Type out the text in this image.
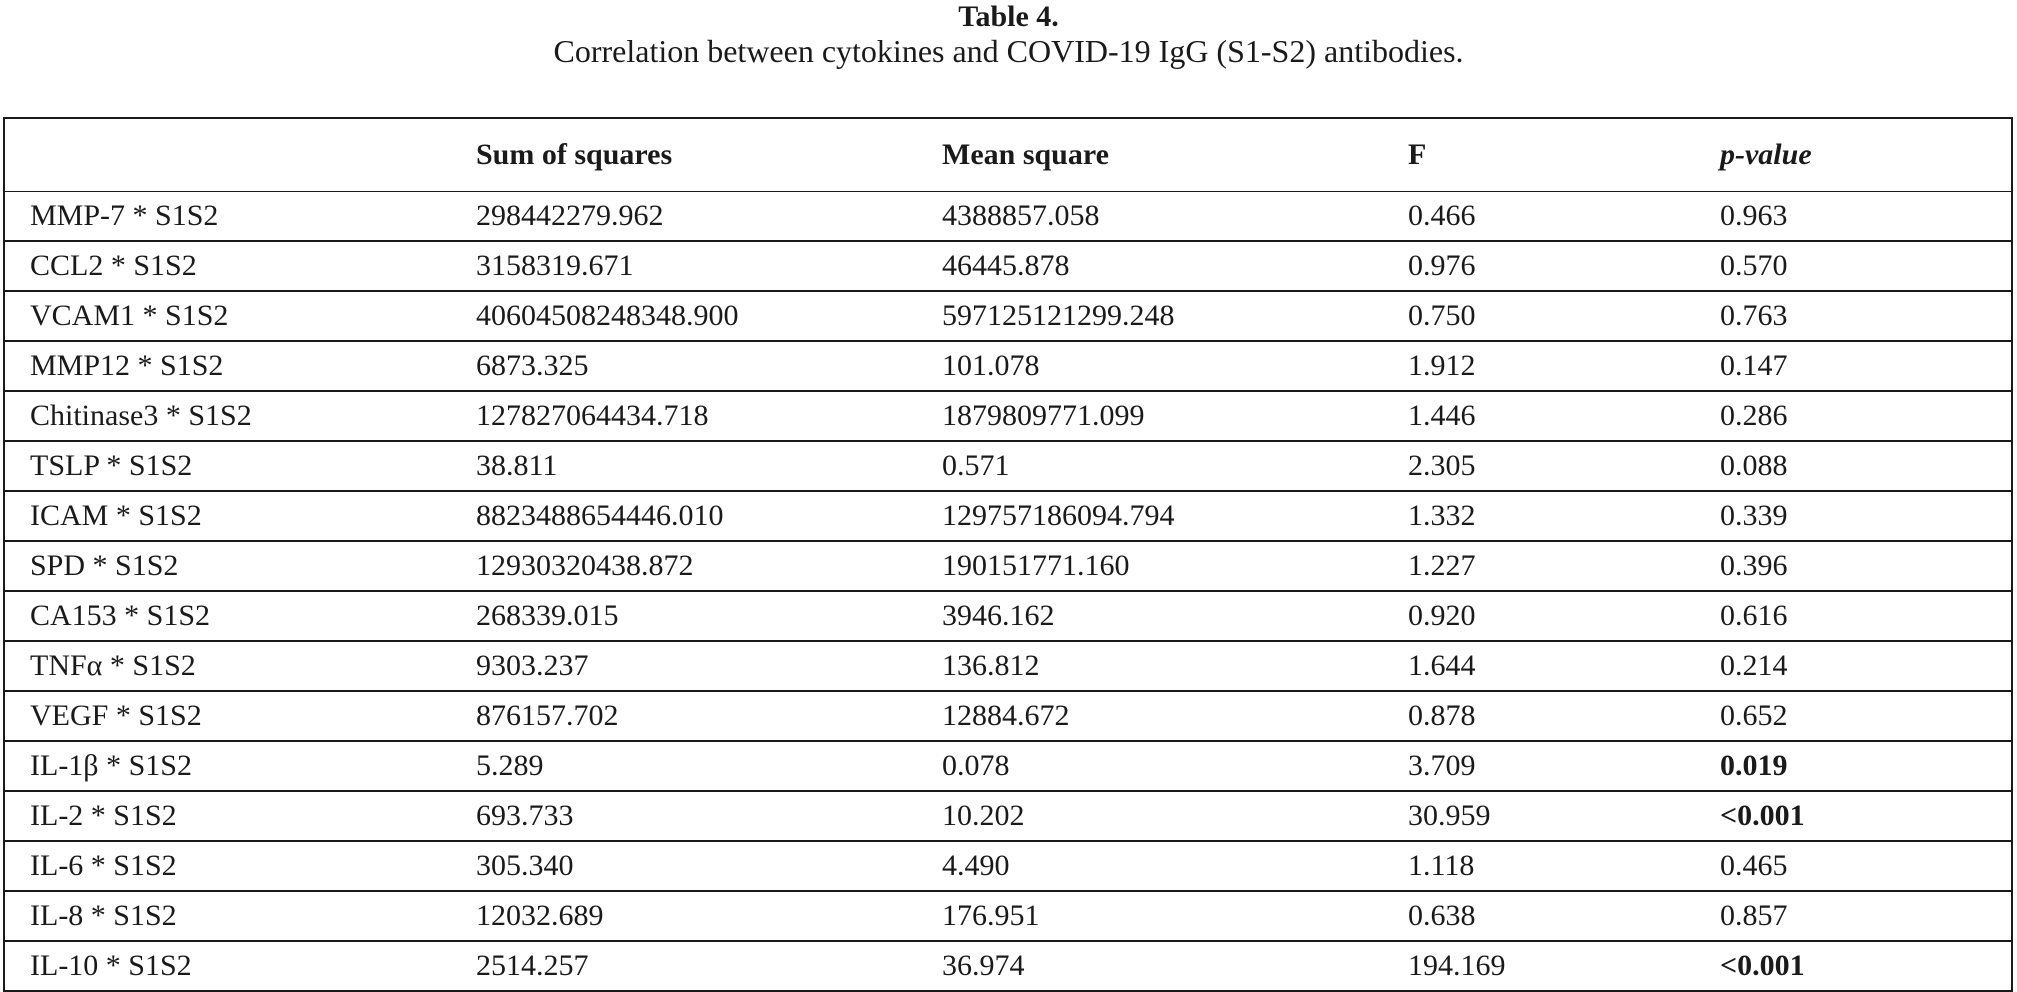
Table 4.
Correlation between cytokines and COVID-19 IgG (S1-S2) antibodies.
	Sum of squares	Mean square	F	p-value
MMP-7 * S1S2	298442279.962	4388857.058	0.466	0.963
CCL2 * S1S2	3158319.671	46445.878	0.976	0.570
VCAM1 * S1S2	40604508248348.900	597125121299.248	0.750	0.763
MMP12 * S1S2	6873.325	101.078	1.912	0.147
Chitinase3 * S1S2	127827064434.718	1879809771.099	1.446	0.286
TSLP * S1S2	38.811	0.571	2.305	0.088
ICAM * S1S2	8823488654446.010	129757186094.794	1.332	0.339
SPD * S1S2	12930320438.872	190151771.160	1.227	0.396
CA153 * S1S2	268339.015	3946.162	0.920	0.616
TNFα * S1S2	9303.237	136.812	1.644	0.214
VEGF * S1S2	876157.702	12884.672	0.878	0.652
IL-1β * S1S2	5.289	0.078	3.709	0.019
IL-2 * S1S2	693.733	10.202	30.959	<0.001
IL-6 * S1S2	305.340	4.490	1.118	0.465
IL-8 * S1S2	12032.689	176.951	0.638	0.857
IL-10 * S1S2	2514.257	36.974	194.169	<0.001
